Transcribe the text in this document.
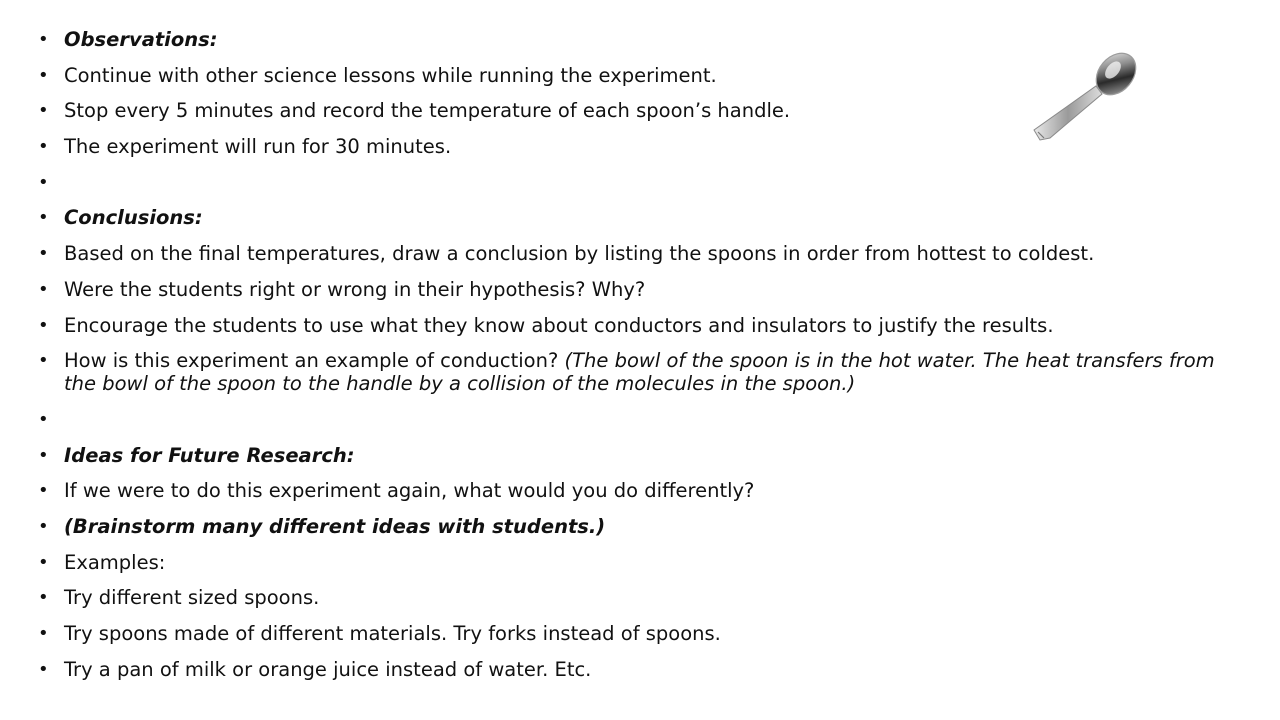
• Observations:
• Continue with other science lessons while running the experiment.
• Stop every 5 minutes and record the temperature of each spoon’s handle.
• The experiment will run for 30 minutes.
•
• Conclusions:
• Based on the final temperatures, draw a conclusion by listing the spoons in order from hottest to coldest.
• Were the students right or wrong in their hypothesis? Why?
• Encourage the students to use what they know about conductors and insulators to justify the results.
• How is this experiment an example of conduction? (The bowl of the spoon is in the hot water. The heat transfers from the bowl of the spoon to the handle by a collision of the molecules in the spoon.)
•
• Ideas for Future Research:
• If we were to do this experiment again, what would you do differently?
• (Brainstorm many different ideas with students.)
• Examples:
• Try different sized spoons.
• Try spoons made of different materials. Try forks instead of spoons.
• Try a pan of milk or orange juice instead of water. Etc.
